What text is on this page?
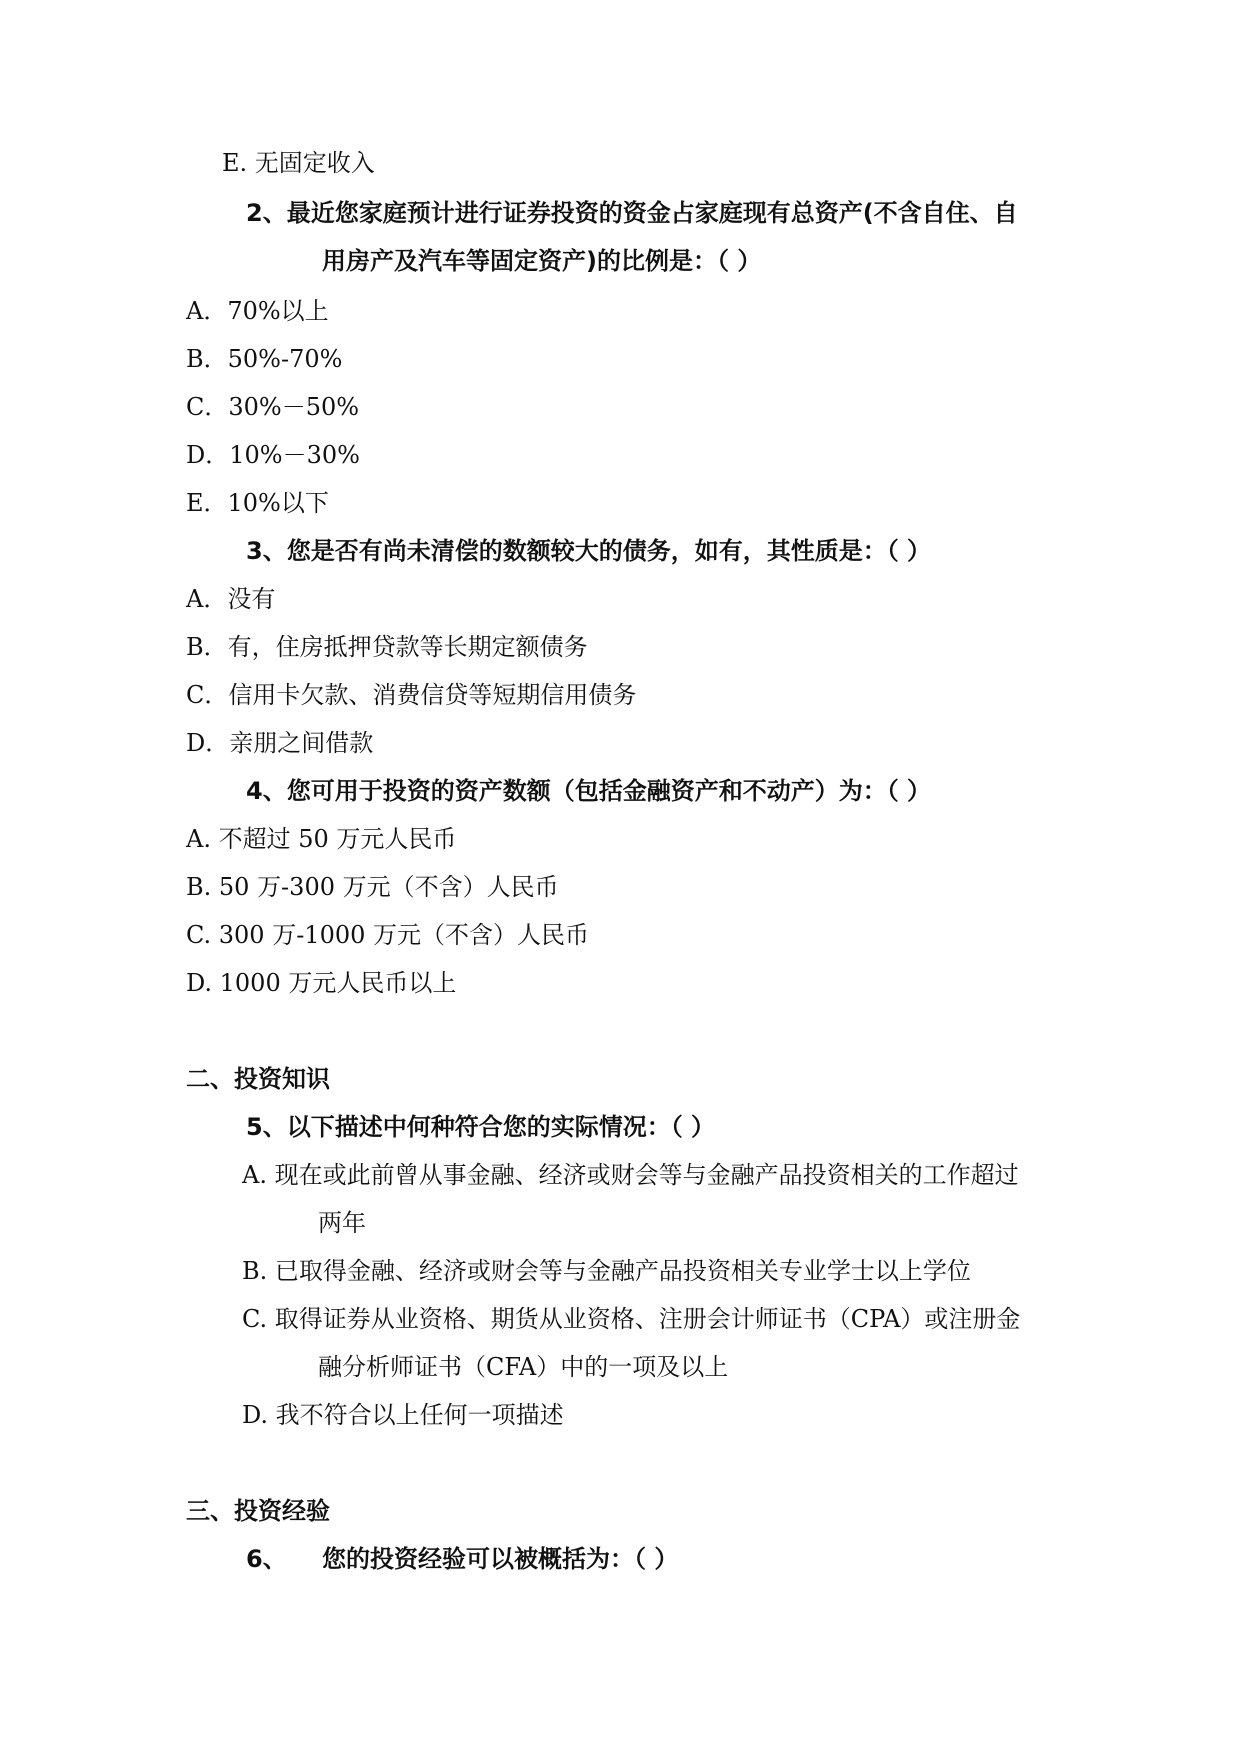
E. 无固定收入
2、最近您家庭预计进行证券投资的资金占家庭现有总资产(不含自住、自
用房产及汽车等固定资产)的比例是：（ ）
A．70%以上
B．50%-70%
C．30%－50%
D．10%－30%
E．10%以下
3、您是否有尚未清偿的数额较大的债务，如有，其性质是：（ ）
A．没有
B．有，住房抵押贷款等长期定额债务
C．信用卡欠款、消费信贷等短期信用债务
D．亲朋之间借款
4、您可用于投资的资产数额（包括金融资产和不动产）为：（ ）
A. 不超过 50 万元人民币
B. 50 万-300 万元（不含）人民币
C. 300 万-1000 万元（不含）人民币
D. 1000 万元人民币以上
二、投资知识
5、以下描述中何种符合您的实际情况：（ ）
A. 现在或此前曾从事金融、经济或财会等与金融产品投资相关的工作超过
两年
B. 已取得金融、经济或财会等与金融产品投资相关专业学士以上学位
C. 取得证券从业资格、期货从业资格、注册会计师证书（CPA）或注册金
融分析师证书（CFA）中的一项及以上
D. 我不符合以上任何一项描述
三、投资经验
6、 您的投资经验可以被概括为：（ ）
